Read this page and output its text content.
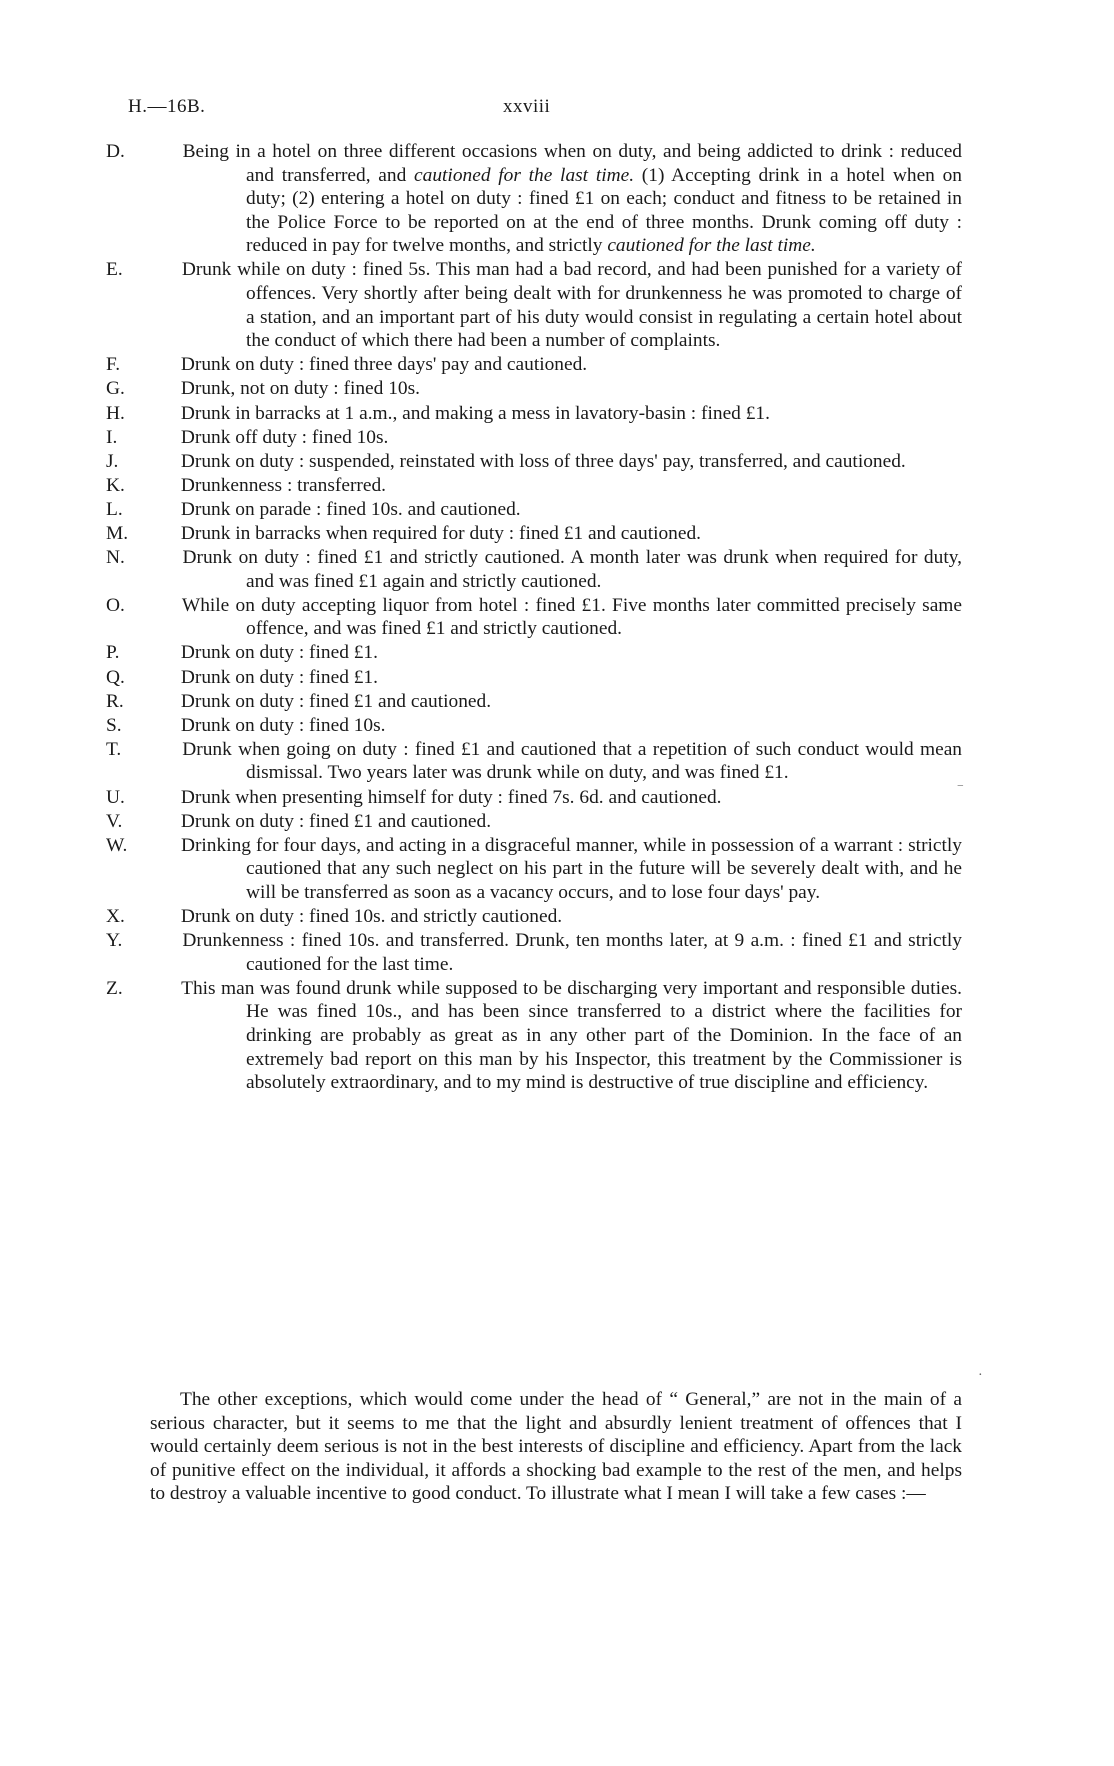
H.—16B.	xxviii
D.	Being in a hotel on three different occasions when on duty, and being addicted to drink : reduced and transferred, and cautioned for the last time. (1) Accepting drink in a hotel when on duty; (2) entering a hotel on duty : fined £1 on each; conduct and fitness to be retained in the Police Force to be reported on at the end of three months. Drunk coming off duty : reduced in pay for twelve months, and strictly cautioned for the last time.
E.	Drunk while on duty : fined 5s. This man had a bad record, and had been punished for a variety of offences. Very shortly after being dealt with for drunkenness he was promoted to charge of a station, and an important part of his duty would consist in regulating a certain hotel about the conduct of which there had been a number of complaints.
F.	Drunk on duty : fined three days' pay and cautioned.
G.	Drunk, not on duty : fined 10s.
H.	Drunk in barracks at 1 a.m., and making a mess in lavatory-basin : fined £1.
I.	Drunk off duty : fined 10s.
J.	Drunk on duty : suspended, reinstated with loss of three days' pay, transferred, and cautioned.
K.	Drunkenness : transferred.
L.	Drunk on parade : fined 10s. and cautioned.
M.	Drunk in barracks when required for duty : fined £1 and cautioned.
N.	Drunk on duty : fined £1 and strictly cautioned. A month later was drunk when required for duty, and was fined £1 again and strictly cautioned.
O.	While on duty accepting liquor from hotel : fined £1. Five months later committed precisely same offence, and was fined £1 and strictly cautioned.
P.	Drunk on duty : fined £1.
Q.	Drunk on duty : fined £1.
R.	Drunk on duty : fined £1 and cautioned.
S.	Drunk on duty : fined 10s.
T.	Drunk when going on duty : fined £1 and cautioned that a repetition of such conduct would mean dismissal. Two years later was drunk while on duty, and was fined £1.
U.	Drunk when presenting himself for duty : fined 7s. 6d. and cautioned.
V.	Drunk on duty : fined £1 and cautioned.
W.	Drinking for four days, and acting in a disgraceful manner, while in possession of a warrant : strictly cautioned that any such neglect on his part in the future will be severely dealt with, and he will be transferred as soon as a vacancy occurs, and to lose four days' pay.
X.	Drunk on duty : fined 10s. and strictly cautioned.
Y.	Drunkenness : fined 10s. and transferred. Drunk, ten months later, at 9 a.m. : fined £1 and strictly cautioned for the last time.
Z.	This man was found drunk while supposed to be discharging very important and responsible duties. He was fined 10s., and has been since transferred to a district where the facilities for drinking are probably as great as in any other part of the Dominion. In the face of an extremely bad report on this man by his Inspector, this treatment by the Commissioner is absolutely extraordinary, and to my mind is destructive of true discipline and efficiency.

The other exceptions, which would come under the head of “ General,” are not in the main of a serious character, but it seems to me that the light and absurdly lenient treatment of offences that I would certainly deem serious is not in the best interests of discipline and efficiency. Apart from the lack of punitive effect on the individual, it affords a shocking bad example to the rest of the men, and helps to destroy a valuable incentive to good conduct. To illustrate what I mean I will take a few cases :—

‾
·
